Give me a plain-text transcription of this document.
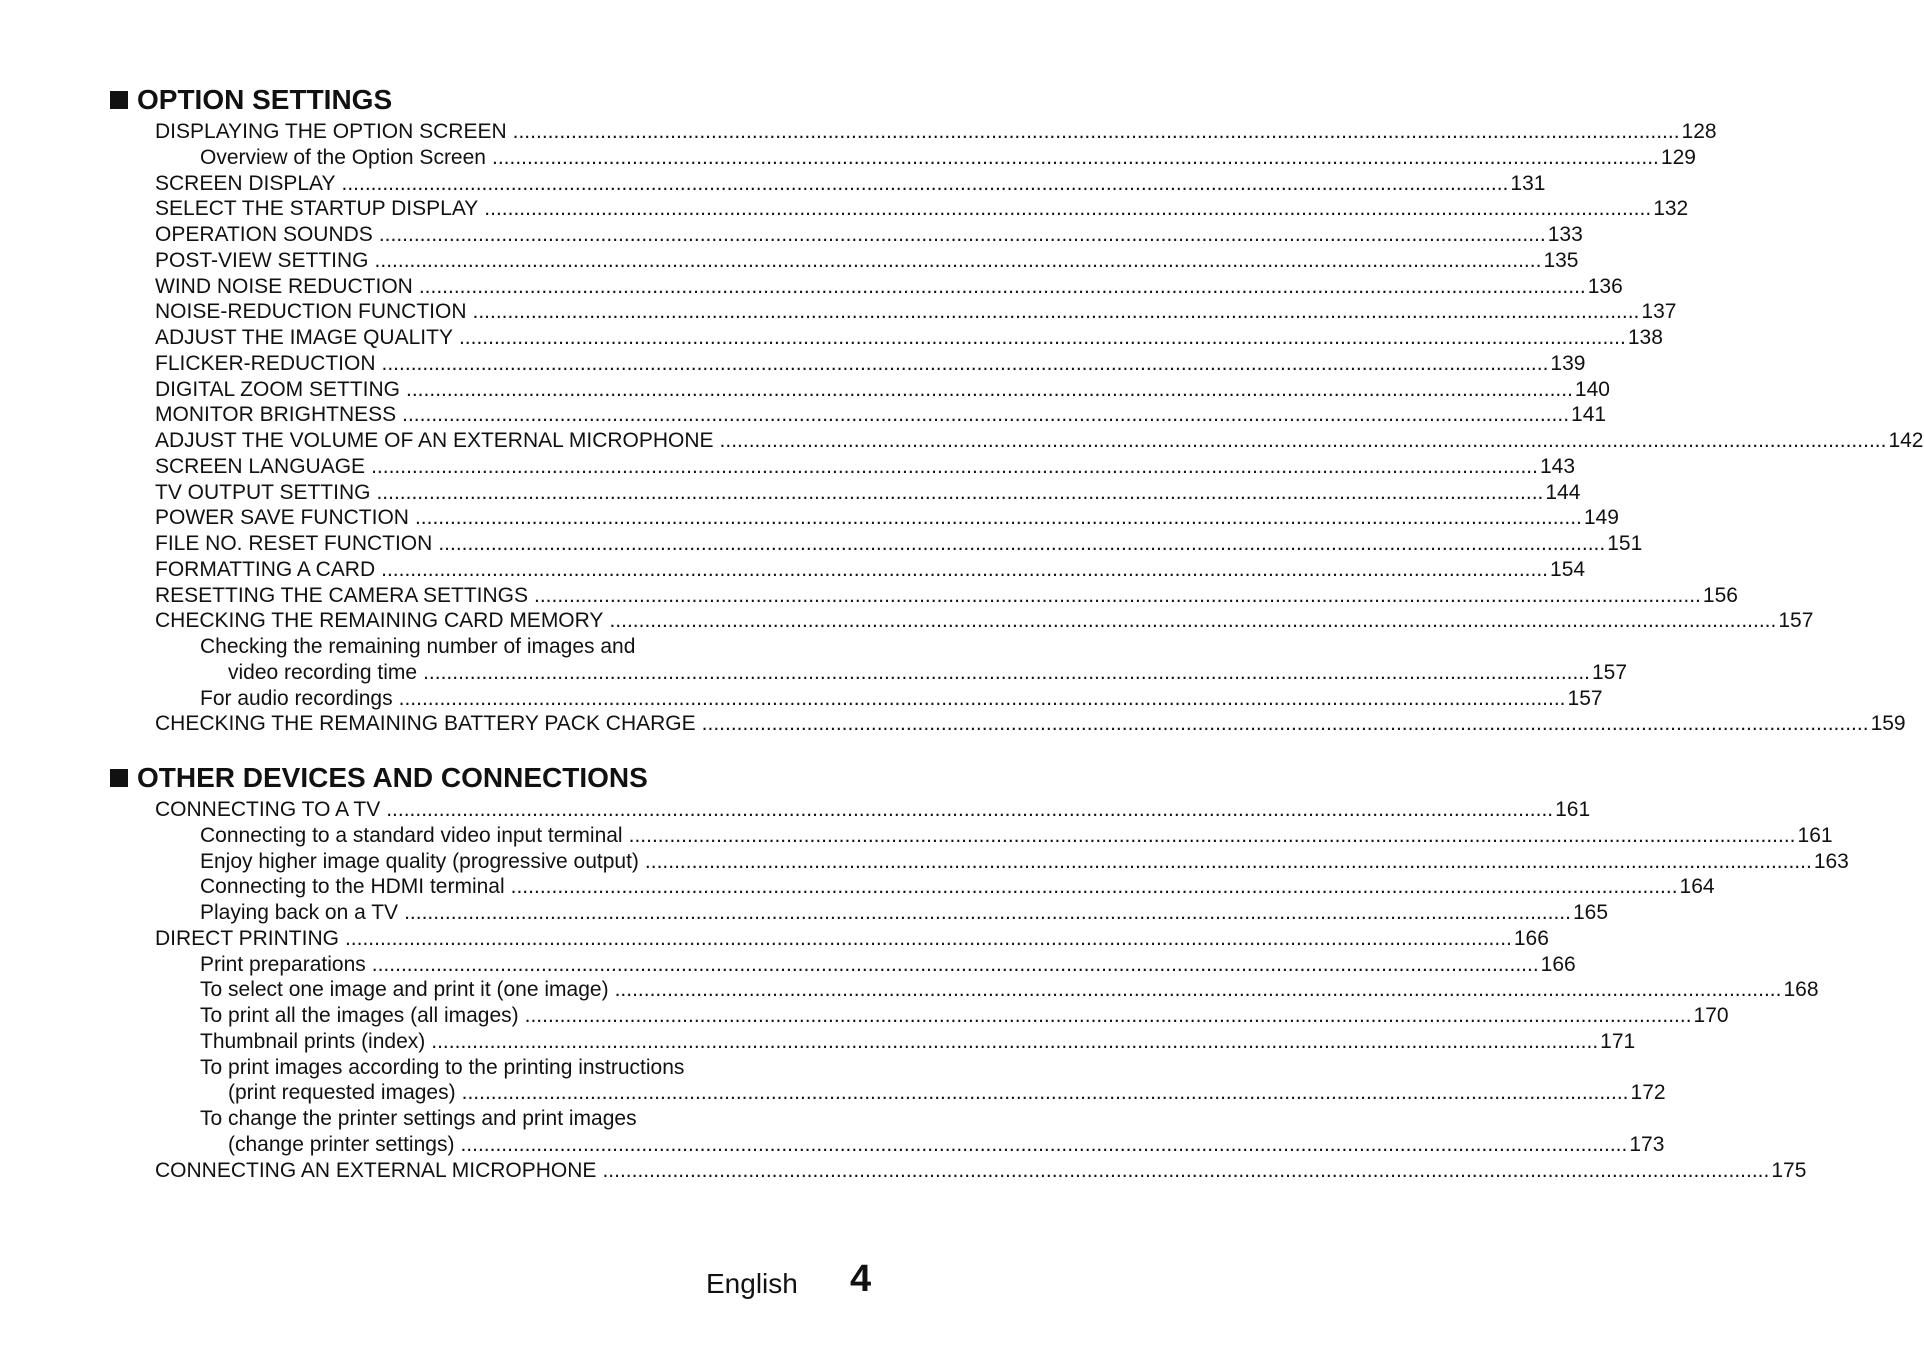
OPTION SETTINGS
DISPLAYING THE OPTION SCREEN ........................................................................................................................................................................................................ 128
Overview of the Option Screen ........................................................................................................................................................................................................ 129
SCREEN DISPLAY ........................................................................................................................................................................................................ 131
SELECT THE STARTUP DISPLAY ........................................................................................................................................................................................................ 132
OPERATION SOUNDS ........................................................................................................................................................................................................ 133
POST-VIEW SETTING ........................................................................................................................................................................................................ 135
WIND NOISE REDUCTION ........................................................................................................................................................................................................ 136
NOISE-REDUCTION FUNCTION ........................................................................................................................................................................................................ 137
ADJUST THE IMAGE QUALITY ........................................................................................................................................................................................................ 138
FLICKER-REDUCTION ........................................................................................................................................................................................................ 139
DIGITAL ZOOM SETTING ........................................................................................................................................................................................................ 140
MONITOR BRIGHTNESS ........................................................................................................................................................................................................ 141
ADJUST THE VOLUME OF AN EXTERNAL MICROPHONE ........................................................................................................................................................................................................ 142
SCREEN LANGUAGE ........................................................................................................................................................................................................ 143
TV OUTPUT SETTING ........................................................................................................................................................................................................ 144
POWER SAVE FUNCTION ........................................................................................................................................................................................................ 149
FILE NO. RESET FUNCTION ........................................................................................................................................................................................................ 151
FORMATTING A CARD ........................................................................................................................................................................................................ 154
RESETTING THE CAMERA SETTINGS ........................................................................................................................................................................................................ 156
CHECKING THE REMAINING CARD MEMORY ........................................................................................................................................................................................................ 157
Checking the remaining number of images and
video recording time ........................................................................................................................................................................................................ 157
For audio recordings ........................................................................................................................................................................................................ 157
CHECKING THE REMAINING BATTERY PACK CHARGE ........................................................................................................................................................................................................ 159
OTHER DEVICES AND CONNECTIONS
CONNECTING TO A TV ........................................................................................................................................................................................................ 161
Connecting to a standard video input terminal ........................................................................................................................................................................................................ 161
Enjoy higher image quality (progressive output) ........................................................................................................................................................................................................ 163
Connecting to the HDMI terminal ........................................................................................................................................................................................................ 164
Playing back on a TV ........................................................................................................................................................................................................ 165
DIRECT PRINTING ........................................................................................................................................................................................................ 166
Print preparations ........................................................................................................................................................................................................ 166
To select one image and print it (one image) ........................................................................................................................................................................................................ 168
To print all the images (all images) ........................................................................................................................................................................................................ 170
Thumbnail prints (index) ........................................................................................................................................................................................................ 171
To print images according to the printing instructions
(print requested images) ........................................................................................................................................................................................................ 172
To change the printer settings and print images
(change printer settings) ........................................................................................................................................................................................................ 173
CONNECTING AN EXTERNAL MICROPHONE ........................................................................................................................................................................................................ 175
English 4
